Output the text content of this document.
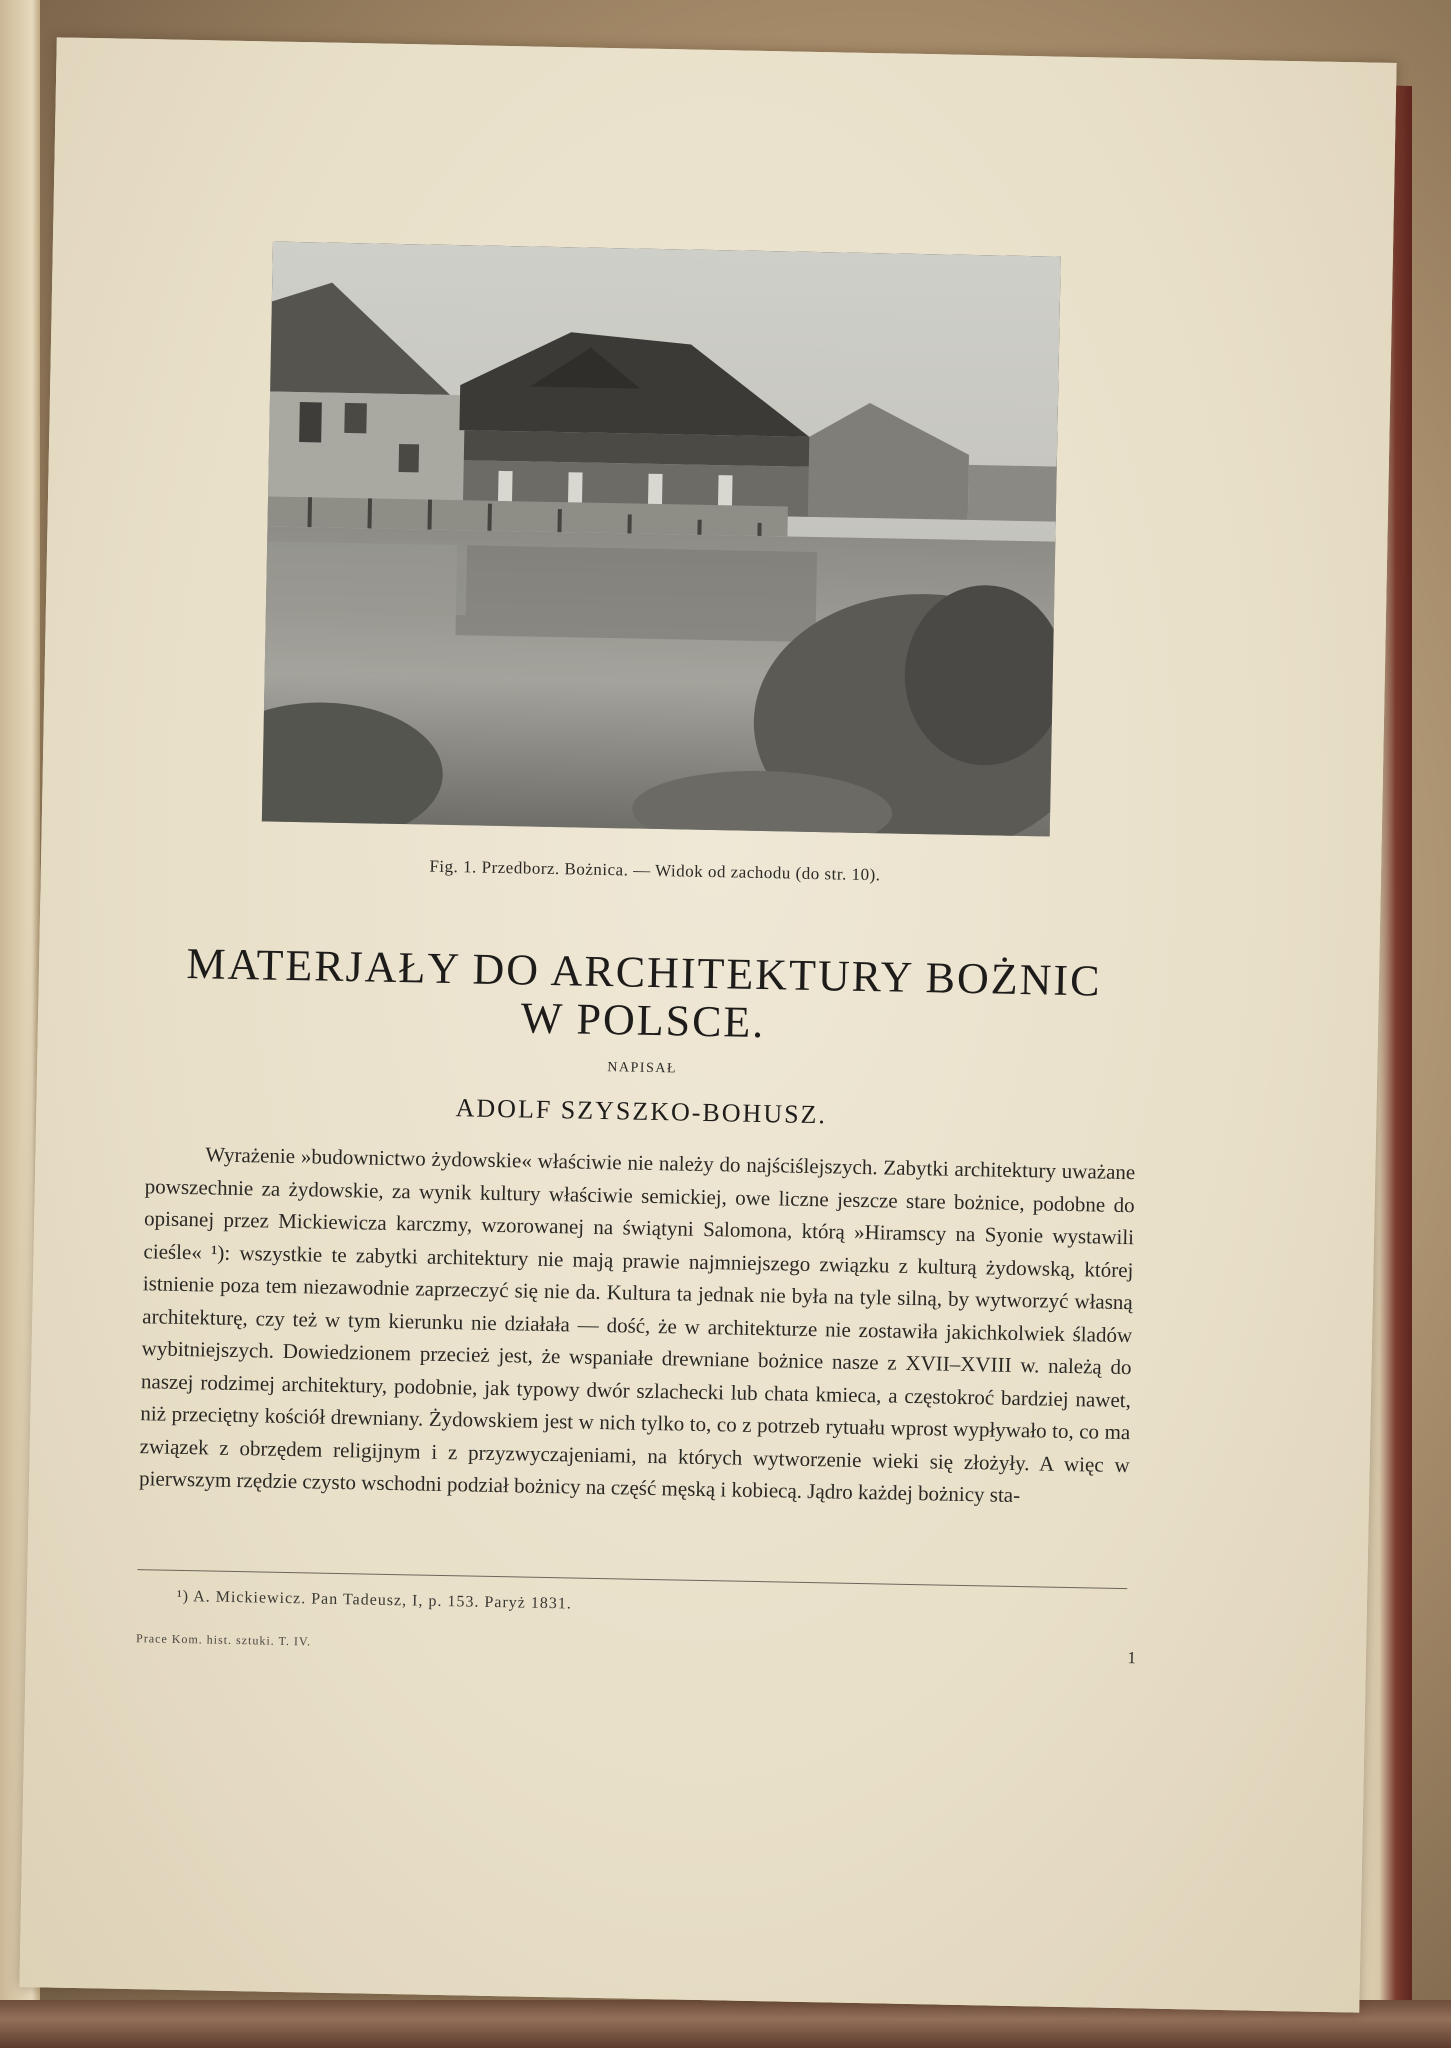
Fig. 1. Przedborz. Bożnica. — Widok od zachodu (do str. 10).
MATERJAŁY DO ARCHITEKTURY BOŻNIC
W POLSCE.
NAPISAŁ
ADOLF SZYSZKO-BOHUSZ.

Wyrażenie »budownictwo żydowskie« właściwie nie należy do najściślejszych. Zabytki architektury uważane powszechnie za żydowskie, za wynik kultury właściwie semickiej, owe liczne jeszcze stare bożnice, podobne do opisanej przez Mickiewicza karczmy, wzorowanej na świątyni Salomona, którą »Hiramscy na Syonie wystawili cieśle« ¹): wszystkie te zabytki architektury nie mają prawie najmniejszego związku z kulturą żydowską, której istnienie poza tem niezawodnie zaprzeczyć się nie da. Kultura ta jednak nie była na tyle silną, by wytworzyć własną architekturę, czy też w tym kierunku nie działała — dość, że w architekturze nie zostawiła jakichkolwiek śladów wybitniejszych. Dowiedzionem przecież jest, że wspaniałe drewniane bożnice nasze z XVII–XVIII w. należą do naszej rodzimej architektury, podobnie, jak typowy dwór szlachecki lub chata kmieca, a częstokroć bardziej nawet, niż przeciętny kościół drewniany. Żydowskiem jest w nich tylko to, co z potrzeb rytuału wprost wypływało to, co ma związek z obrzędem religijnym i z przyzwyczajeniami, na których wytworzenie wieki się złożyły. A więc w pierwszym rzędzie czysto wschodni podział bożnicy na część męską i kobiecą. Jądro każdej bożnicy sta-

¹) A. Mickiewicz. Pan Tadeusz, I, p. 153. Paryż 1831.
Prace Kom. hist. sztuki. T. IV.
1
